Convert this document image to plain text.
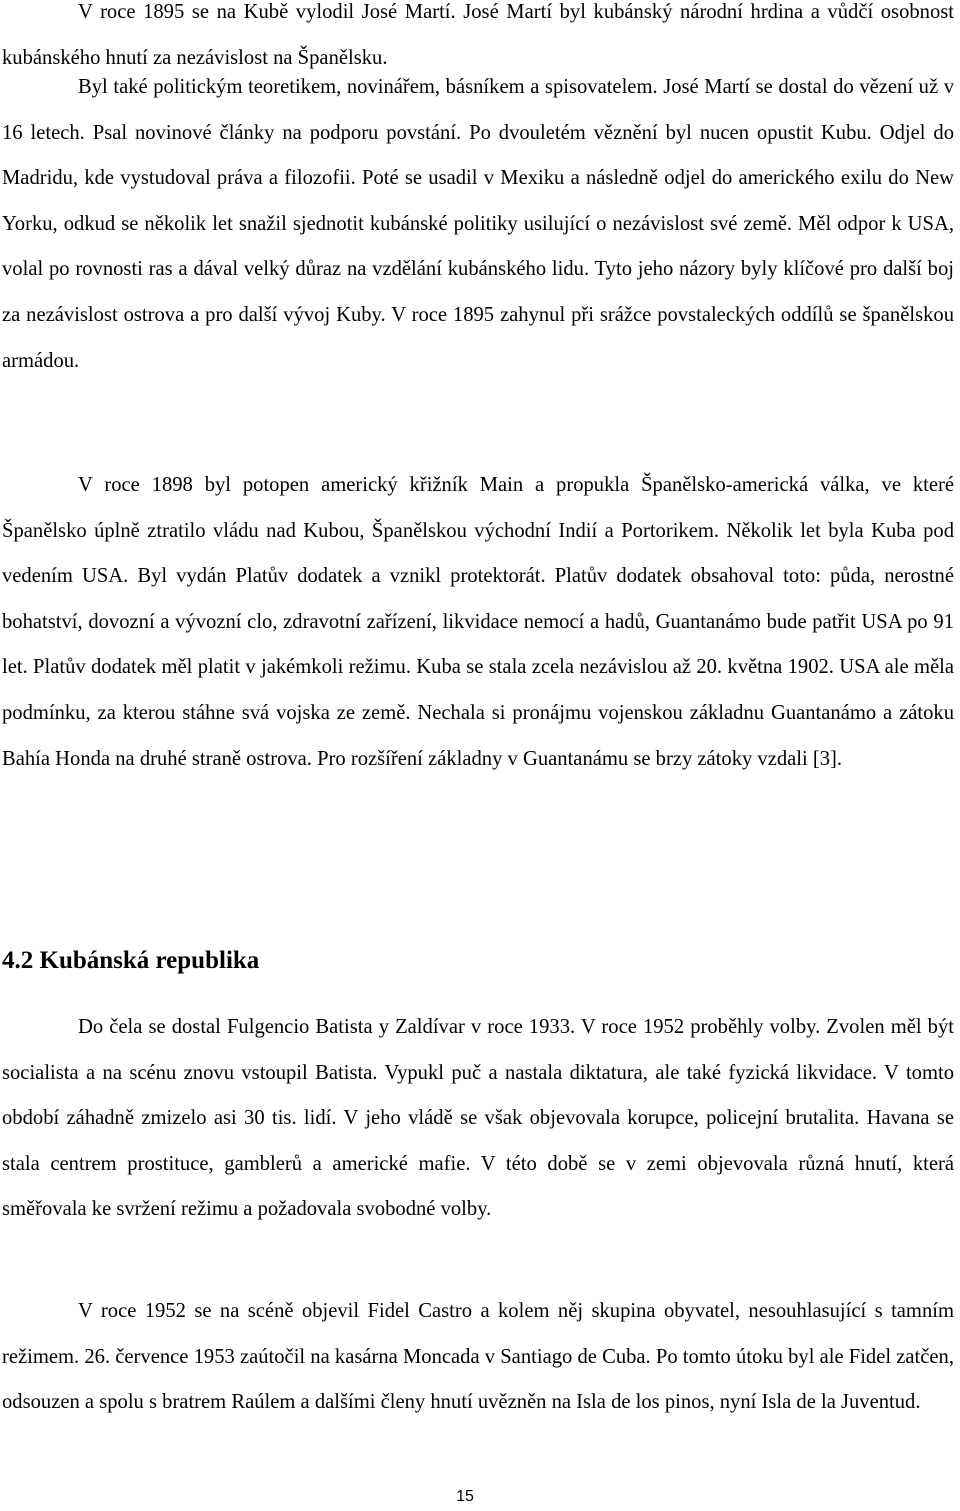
V roce 1895 se na Kubě vylodil José Martí. José Martí byl kubánský národní hrdina a vůdčí osobnost kubánského hnutí za nezávislost na Španělsku.

Byl také politickým teoretikem, novinářem, básníkem a spisovatelem. José Martí se dostal do vězení už v 16 letech. Psal novinové články na podporu povstání. Po dvouletém věznění byl nucen opustit Kubu. Odjel do Madridu, kde vystudoval práva a filozofii. Poté se usadil v Mexiku a následně odjel do amerického exilu do New Yorku, odkud se několik let snažil sjednotit kubánské politiky usilující o nezávislost své země. Měl odpor k USA, volal po rovnosti ras a dával velký důraz na vzdělání kubánského lidu. Tyto jeho názory byly klíčové pro další boj za nezávislost ostrova a pro další vývoj Kuby. V roce 1895 zahynul při srážce povstaleckých oddílů se španělskou armádou.

V roce 1898 byl potopen americký křižník Main a propukla Španělsko-americká válka, ve které Španělsko úplně ztratilo vládu nad Kubou, Španělskou východní Indií a Portorikem. Několik let byla Kuba pod vedením USA. Byl vydán Platův dodatek a vznikl protektorát. Platův dodatek obsahoval toto: půda, nerostné bohatství, dovozní a vývozní clo, zdravotní zařízení, likvidace nemocí a hadů, Guantanámo bude patřit USA po 91 let. Platův dodatek měl platit v jakémkoli režimu. Kuba se stala zcela nezávislou až 20. května 1902. USA ale měla podmínku, za kterou stáhne svá vojska ze země. Nechala si pronájmu vojenskou základnu Guantanámo a zátoku Bahía Honda na druhé straně ostrova. Pro rozšíření základny v Guantanámu se brzy zátoky vzdali [3].

4.2 Kubánská republika

Do čela se dostal Fulgencio Batista y Zaldívar v roce 1933. V roce 1952 proběhly volby. Zvolen měl být socialista a na scénu znovu vstoupil Batista. Vypukl puč a nastala diktatura, ale také fyzická likvidace. V tomto období záhadně zmizelo asi 30 tis. lidí. V jeho vládě se však objevovala korupce, policejní brutalita. Havana se stala centrem prostituce, gamblerů a americké mafie. V této době se v zemi objevovala různá hnutí, která směřovala ke svržení režimu a požadovala svobodné volby.

V roce 1952 se na scéně objevil Fidel Castro a kolem něj skupina obyvatel, nesouhlasující s tamním režimem. 26. července 1953 zaútočil na kasárna Moncada v Santiago de Cuba. Po tomto útoku byl ale Fidel zatčen, odsouzen a spolu s bratrem Raúlem a dalšími členy hnutí uvězněn na Isla de los pinos, nyní Isla de la Juventud.

15
